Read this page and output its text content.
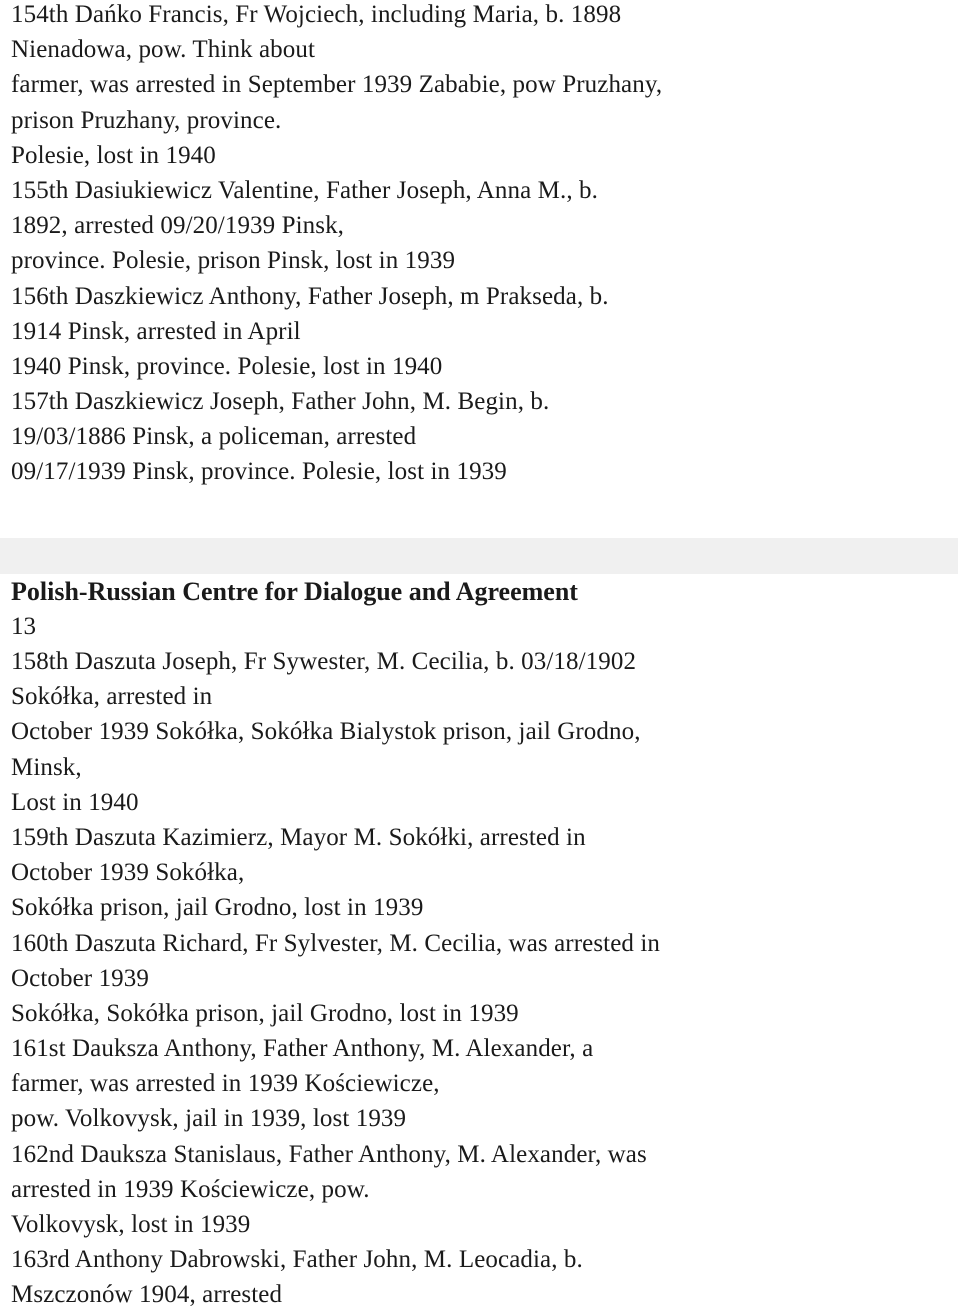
154th Dańko Francis, Fr Wojciech, including Maria, b. 1898
Nienadowa, pow. Think about
farmer, was arrested in September 1939 Zababie, pow Pruzhany,
prison Pruzhany, province.
Polesie, lost in 1940
155th Dasiukiewicz Valentine, Father Joseph, Anna M., b.
1892, arrested 09/20/1939 Pinsk,
province. Polesie, prison Pinsk, lost in 1939
156th Daszkiewicz Anthony, Father Joseph, m Prakseda, b.
1914 Pinsk, arrested in April
1940 Pinsk, province. Polesie, lost in 1940
157th Daszkiewicz Joseph, Father John, M. Begin, b.
19/03/1886 Pinsk, a policeman, arrested
09/17/1939 Pinsk, province. Polesie, lost in 1939
Polish-Russian Centre for Dialogue and Agreement
13
158th Daszuta Joseph, Fr Sywester, M. Cecilia, b. 03/18/1902
Sokółka, arrested in
October 1939 Sokółka, Sokółka Bialystok prison, jail Grodno,
Minsk,
Lost in 1940
159th Daszuta Kazimierz, Mayor M. Sokółki, arrested in
October 1939 Sokółka,
Sokółka prison, jail Grodno, lost in 1939
160th Daszuta Richard, Fr Sylvester, M. Cecilia, was arrested in
October 1939
Sokółka, Sokółka prison, jail Grodno, lost in 1939
161st Dauksza Anthony, Father Anthony, M. Alexander, a
farmer, was arrested in 1939 Kościewicze,
pow. Volkovysk, jail in 1939, lost 1939
162nd Dauksza Stanislaus, Father Anthony, M. Alexander, was
arrested in 1939 Kościewicze, pow.
Volkovysk, lost in 1939
163rd Anthony Dabrowski, Father John, M. Leocadia, b.
Mszczonów 1904, arrested
